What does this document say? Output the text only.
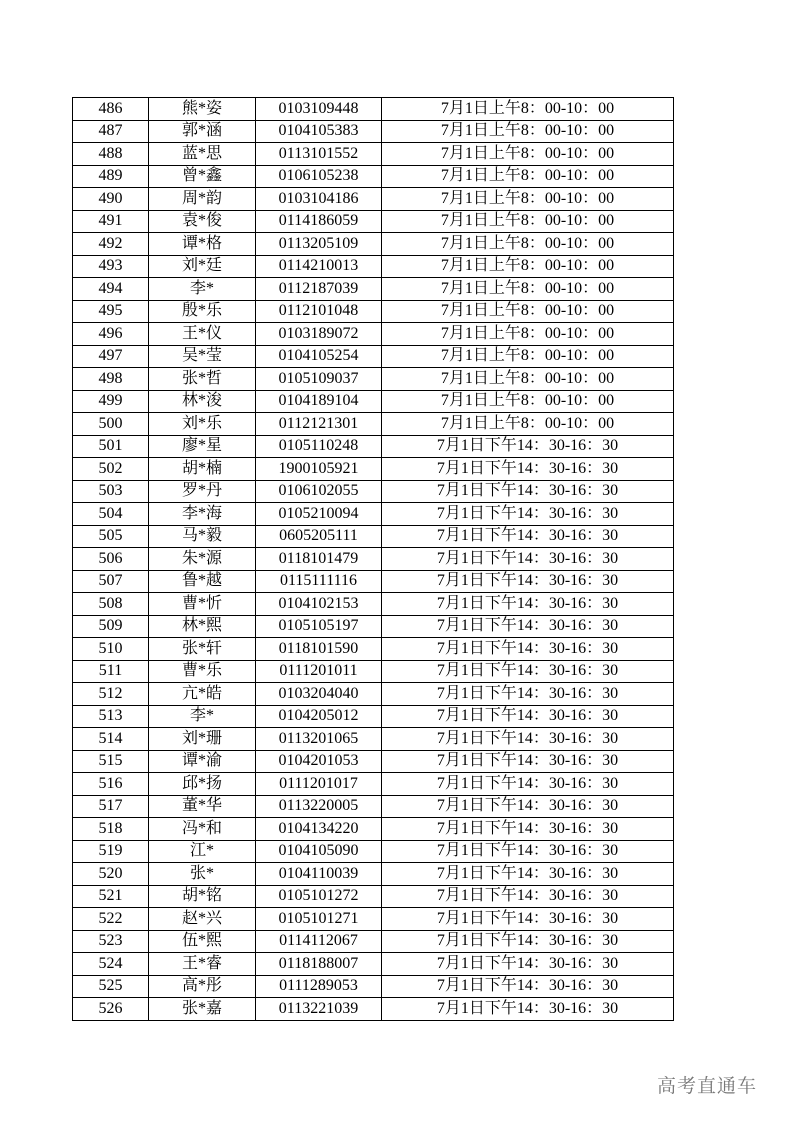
486	熊*姿	0103109448	7月1日上午8：00-10：00
487	郭*涵	0104105383	7月1日上午8：00-10：00
488	蓝*思	0113101552	7月1日上午8：00-10：00
489	曾*鑫	0106105238	7月1日上午8：00-10：00
490	周*韵	0103104186	7月1日上午8：00-10：00
491	袁*俊	0114186059	7月1日上午8：00-10：00
492	谭*格	0113205109	7月1日上午8：00-10：00
493	刘*廷	0114210013	7月1日上午8：00-10：00
494	李*	0112187039	7月1日上午8：00-10：00
495	殷*乐	0112101048	7月1日上午8：00-10：00
496	王*仪	0103189072	7月1日上午8：00-10：00
497	吴*莹	0104105254	7月1日上午8：00-10：00
498	张*哲	0105109037	7月1日上午8：00-10：00
499	林*浚	0104189104	7月1日上午8：00-10：00
500	刘*乐	0112121301	7月1日上午8：00-10：00
501	廖*星	0105110248	7月1日下午14：30-16：30
502	胡*楠	1900105921	7月1日下午14：30-16：30
503	罗*丹	0106102055	7月1日下午14：30-16：30
504	李*海	0105210094	7月1日下午14：30-16：30
505	马*毅	0605205111	7月1日下午14：30-16：30
506	朱*源	0118101479	7月1日下午14：30-16：30
507	鲁*越	0115111116	7月1日下午14：30-16：30
508	曹*忻	0104102153	7月1日下午14：30-16：30
509	林*熙	0105105197	7月1日下午14：30-16：30
510	张*轩	0118101590	7月1日下午14：30-16：30
511	曹*乐	0111201011	7月1日下午14：30-16：30
512	亢*皓	0103204040	7月1日下午14：30-16：30
513	李*	0104205012	7月1日下午14：30-16：30
514	刘*珊	0113201065	7月1日下午14：30-16：30
515	谭*渝	0104201053	7月1日下午14：30-16：30
516	邱*扬	0111201017	7月1日下午14：30-16：30
517	董*华	0113220005	7月1日下午14：30-16：30
518	冯*和	0104134220	7月1日下午14：30-16：30
519	江*	0104105090	7月1日下午14：30-16：30
520	张*	0104110039	7月1日下午14：30-16：30
521	胡*铭	0105101272	7月1日下午14：30-16：30
522	赵*兴	0105101271	7月1日下午14：30-16：30
523	伍*熙	0114112067	7月1日下午14：30-16：30
524	王*睿	0118188007	7月1日下午14：30-16：30
525	高*彤	0111289053	7月1日下午14：30-16：30
526	张*嘉	0113221039	7月1日下午14：30-16：30
高考直通车
